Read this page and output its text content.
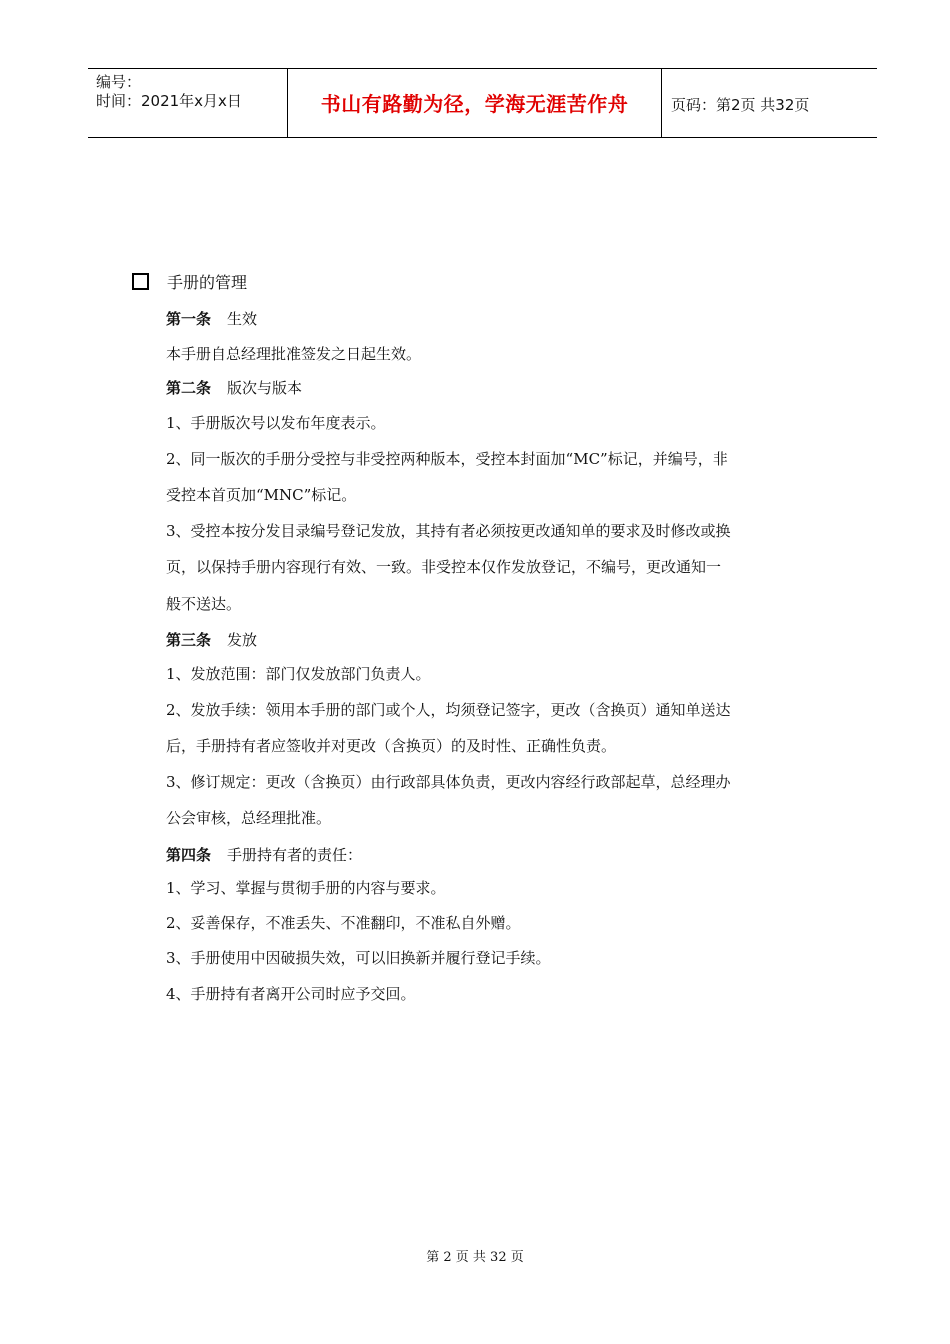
编号：
时间：2021年x月x日	书山有路勤为径，学海无涯苦作舟	页码：第2页 共32页
手册的管理
第一条 生效
本手册自总经理批准签发之日起生效。
第二条 版次与版本
1、手册版次号以发布年度表示。
2、同一版次的手册分受控与非受控两种版本，受控本封面加“MC”标记，并编号，非
受控本首页加“MNC”标记。
3、受控本按分发目录编号登记发放，其持有者必须按更改通知单的要求及时修改或换
页，以保持手册内容现行有效、一致。非受控本仅作发放登记，不编号，更改通知一
般不送达。
第三条 发放
1、发放范围：部门仅发放部门负责人。
2、发放手续：领用本手册的部门或个人，均须登记签字，更改（含换页）通知单送达
后，手册持有者应签收并对更改（含换页）的及时性、正确性负责。
3、修订规定：更改（含换页）由行政部具体负责，更改内容经行政部起草，总经理办
公会审核，总经理批准。
第四条 手册持有者的责任：
1、学习、掌握与贯彻手册的内容与要求。
2、妥善保存，不准丢失、不准翻印，不准私自外赠。
3、手册使用中因破损失效，可以旧换新并履行登记手续。
4、手册持有者离开公司时应予交回。
第 2 页 共 32 页
